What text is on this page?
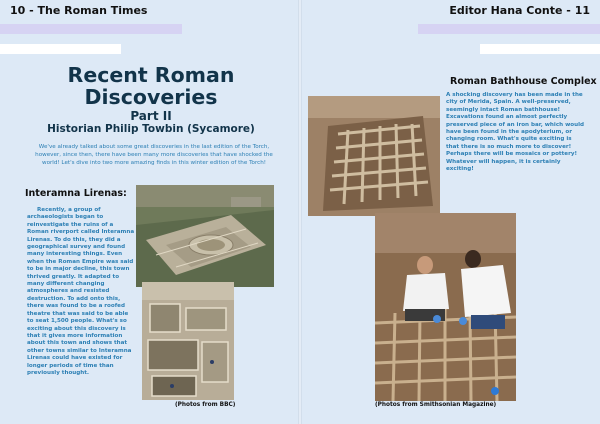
10 - The Roman Times	Editor Hana Conte - 11
Recent Roman Discoveries
Part II
Historian Philip Towbin (Sycamore)
We've already talked about some great discoveries in the last edition of the Torch, however, since then, there have been many more discoveries that have shocked the world! Let's dive into two more amazing finds in this winter edition of the Torch!
Interamna Lirenas:
Recently, a group of archaeologists began to reinvestigate the ruins of a Roman riverport called Interamna Lirenas. To do this, they did a geographical survey and found many interesting things. Even when the Roman Empire was said to be in major decline, this town thrived greatly. It adapted to many different changing atmospheres and resisted destruction. To add onto this, there was found to be a roofed theatre that was said to be able to seat 1,500 people. What's so exciting about this discovery is that it gives more information about this town and shows that other towns similar to Interamna Lirenas could have existed for longer periods of time than previously thought.
(Photos from BBC)
Roman Bathhouse Complex
A shocking discovery has been made in the city of Merida, Spain. A well-preserved, seemingly intact Roman bathhouse! Excavations found an almost perfectly preserved piece of an iron bar, which would have been found in the apodyterium, or changing room. What's quite exciting is that there is so much more to discover! Perhaps there will be mosaics or pottery! Whatever will happen, it is certainly exciting!
(Photos from Smithsonian Magazine)
